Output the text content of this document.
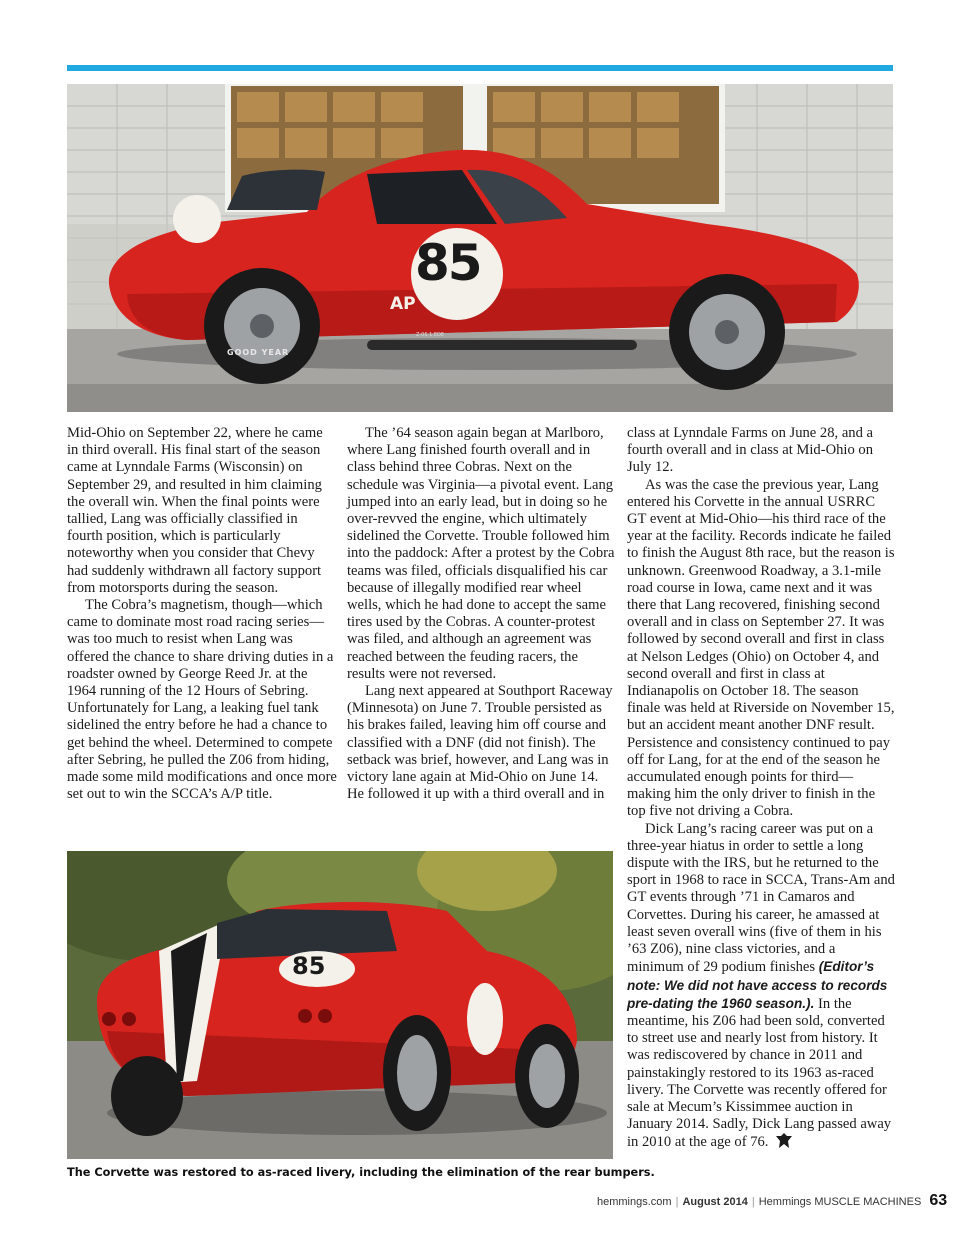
85
AP
GOOD YEAR
Z-06 1 EDE

Mid-Ohio on September 22, where he came in third overall. His final start of the season came at Lynndale Farms (Wisconsin) on September 29, and resulted in him claiming the overall win. When the final points were tallied, Lang was officially classified in fourth position, which is particularly noteworthy when you consider that Chevy had suddenly withdrawn all factory support from motorsports during the season.

The Cobra’s magnetism, though—which came to dominate most road racing series—was too much to resist when Lang was offered the chance to share driving duties in a roadster owned by George Reed Jr. at the 1964 running of the 12 Hours of Sebring. Unfortunately for Lang, a leaking fuel tank sidelined the entry before he had a chance to get behind the wheel. Determined to compete after Sebring, he pulled the Z06 from hiding, made some mild modifications and once more set out to win the SCCA’s A/P title.

The ’64 season again began at Marlboro, where Lang finished fourth overall and in class behind three Cobras. Next on the schedule was Virginia—a pivotal event. Lang jumped into an early lead, but in doing so he over-revved the engine, which ultimately sidelined the Corvette. Trouble followed him into the paddock: After a protest by the Cobra teams was filed, officials disqualified his car because of illegally modified rear wheel wells, which he had done to accept the same tires used by the Cobras. A counter-protest was filed, and although an agreement was reached between the feuding racers, the results were not reversed.

Lang next appeared at Southport Raceway (Minnesota) on June 7. Trouble persisted as his brakes failed, leaving him off course and classified with a DNF (did not finish). The setback was brief, however, and Lang was in victory lane again at Mid-Ohio on June 14. He followed it up with a third overall and in

class at Lynndale Farms on June 28, and a fourth overall and in class at Mid-Ohio on July 12.

As was the case the previous year, Lang entered his Corvette in the annual USRRC GT event at Mid-Ohio—his third race of the year at the facility. Records indicate he failed to finish the August 8th race, but the reason is unknown. Greenwood Roadway, a 3.1-mile road course in Iowa, came next and it was there that Lang recovered, finishing second overall and in class on September 27. It was followed by second overall and first in class at Nelson Ledges (Ohio) on October 4, and second overall and first in class at Indianapolis on October 18. The season finale was held at Riverside on November 15, but an accident meant another DNF result. Persistence and consistency continued to pay off for Lang, for at the end of the season he accumulated enough points for third—making him the only driver to finish in the top five not driving a Cobra.

Dick Lang’s racing career was put on a three-year hiatus in order to settle a long dispute with the IRS, but he returned to the sport in 1968 to race in SCCA, Trans-Am and GT events through ’71 in Camaros and Corvettes. During his career, he amassed at least seven overall wins (five of them in his ’63 Z06), nine class victories, and a minimum of 29 podium finishes (Editor’s note: We did not have access to records pre-dating the 1960 season.). In the meantime, his Z06 had been sold, converted to street use and nearly lost from history. It was rediscovered by chance in 2011 and painstakingly restored to its 1963 as-raced livery. The Corvette was recently offered for sale at Mecum’s Kissimmee auction in January 2014. Sadly, Dick Lang passed away in 2010 at the age of 76.

85
The Corvette was restored to as-raced livery, including the elimination of the rear bumpers.
hemmings.com | August 2014 | Hemmings MUSCLE MACHINES 63
